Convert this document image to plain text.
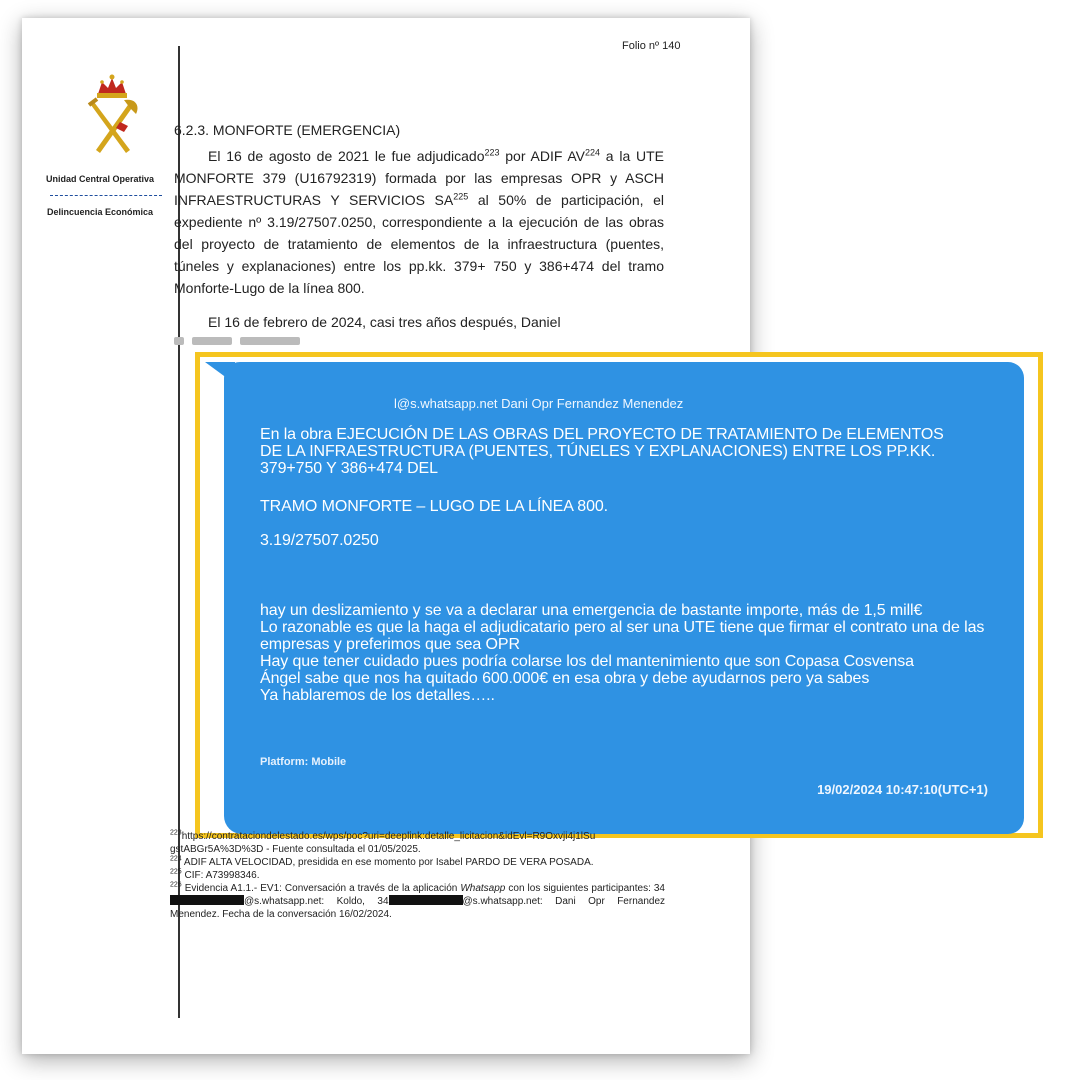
Folio nº 140
Unidad Central Operativa
Delincuencia Económica
6.2.3. MONFORTE (EMERGENCIA)
El 16 de agosto de 2021 le fue adjudicado$^{223}$ por ADIF AV$^{224}$ a la UTE MONFORTE 379 (U16792319) formada por las empresas OPR y ASCH INFRAESTRUCTURAS Y SERVICIOS SA$^{225}$ al 50% de participación, el expediente nº 3.19/27507.0250, correspondiente a la ejecución de las obras del proyecto de tratamiento de elementos de la infraestructura (puentes, túneles y explanaciones) entre los pp.kk. 379+ 750 y 386+474 del tramo Monforte-Lugo de la línea 800.
El 16 de febrero de 2024, casi tres años después, Daniel
l@s.whatsapp.net Dani Opr Fernandez Menendez
En la obra EJECUCIÓN DE LAS OBRAS DEL PROYECTO DE TRATAMIENTO De ELEMENTOS DE LA INFRAESTRUCTURA (PUENTES, TÚNELES Y EXPLANACIONES) ENTRE LOS PP.KK. 379+750 Y 386+474 DEL
TRAMO MONFORTE – LUGO DE LA LÍNEA 800.
3.19/27507.0250
hay un deslizamiento y se va a declarar una emergencia de bastante importe, más de 1,5 mill€
Lo razonable es que la haga el adjudicatario pero al ser una UTE tiene que firmar el contrato una de las empresas y preferimos que sea OPR
Hay que tener cuidado pues podría colarse los del mantenimiento que son Copasa Cosvensa
Ángel sabe que nos ha quitado 600.000€ en esa obra y debe ayudarnos pero ya sabes
Ya hablaremos de los detalles…..
Platform: Mobile
19/02/2024 10:47:10(UTC+1)

$^{223}$https://contrataciondelestado.es/wps/poc?uri=deeplink:detalle_licitacion&idEvl=R9Oxvji4j1lSu gstABGr5A%3D%3D - Fuente consultada el 01/05/2025.

$^{224}$ ADIF ALTA VELOCIDAD, presidida en ese momento por Isabel PARDO DE VERA POSADA.

$^{225}$ CIF: A73998346.

$^{226}$ Evidencia A1.1.- EV1: Conversación a través de la aplicación Whatsapp con los siguientes participantes: 34@s.whatsapp.net: Koldo, 34	@s.whatsapp.net: Dani Opr Fernandez Menendez. Fecha de la conversación 16/02/2024.
